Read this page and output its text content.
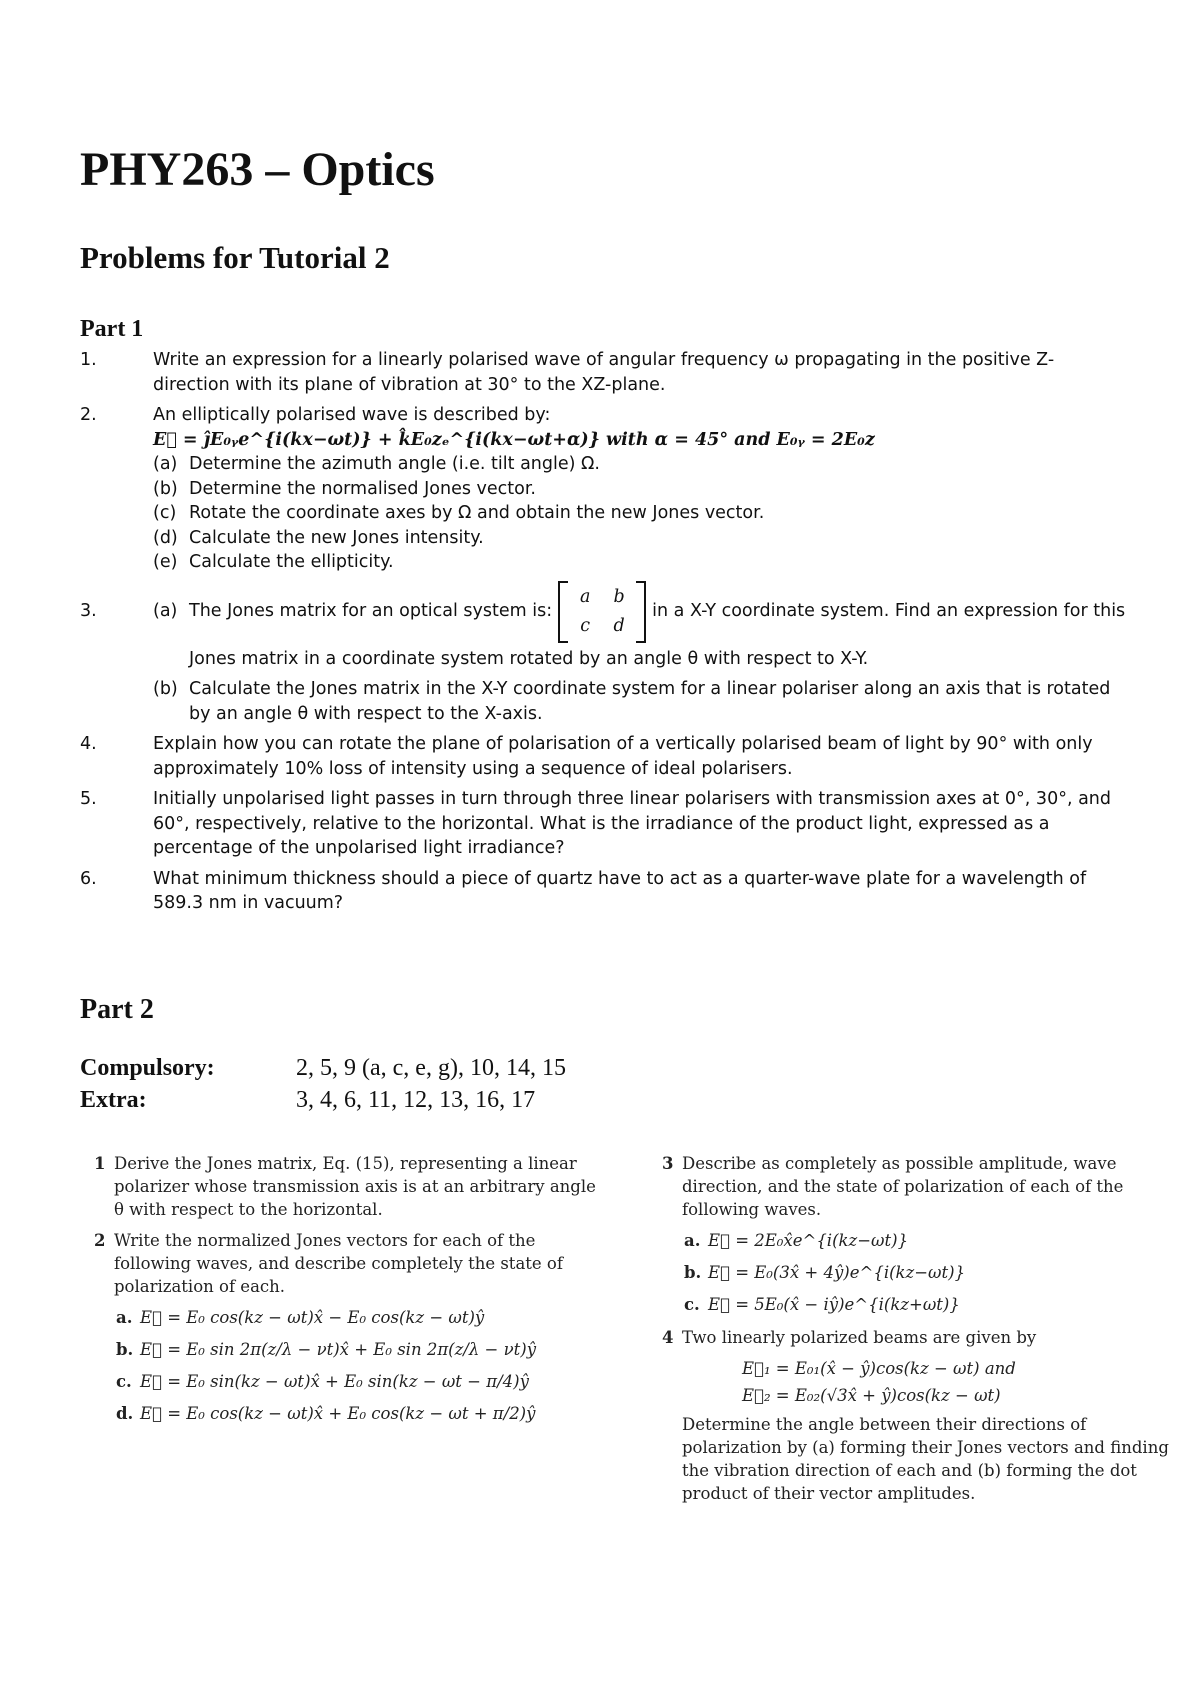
PHY263 – Optics
Problems for Tutorial 2
Part 1
1.	Write an expression for a linearly polarised wave of angular frequency ω propagating in the positive Z-direction with its plane of vibration at 30° to the XZ-plane.
2.	An elliptically polarised wave is described by:
E⃗ = ĵE₀ᵧe^{i(kx−ωt)} + k̂E₀zₑ^{i(kx−ωt+α)} with α = 45° and E₀ᵧ = 2E₀z
(a) Determine the azimuth angle (i.e. tilt angle) Ω.
(b) Determine the normalised Jones vector.
(c) Rotate the coordinate axes by Ω and obtain the new Jones vector.
(d) Calculate the new Jones intensity.
(e) Calculate the ellipticity.
3.	(a) The Jones matrix for an optical system is:
a	b
c	d
in a X-Y coordinate system. Find an expression for this
Jones matrix in a coordinate system rotated by an angle θ with respect to X-Y.
(b) Calculate the Jones matrix in the X-Y coordinate system for a linear polariser along an axis that is rotated by an angle θ with respect to the X-axis.
4.	Explain how you can rotate the plane of polarisation of a vertically polarised beam of light by 90° with only approximately 10% loss of intensity using a sequence of ideal polarisers.
5.	Initially unpolarised light passes in turn through three linear polarisers with transmission axes at 0°, 30°, and 60°, respectively, relative to the horizontal. What is the irradiance of the product light, expressed as a percentage of the unpolarised light irradiance?
6.	What minimum thickness should a piece of quartz have to act as a quarter-wave plate for a wavelength of 589.3 nm in vacuum?
Part 2
Compulsory:	2, 5, 9 (a, c, e, g), 10, 14, 15
Extra:	3, 4, 6, 11, 12, 13, 16, 17
1 Derive the Jones matrix, Eq. (15), representing a linear polarizer whose transmission axis is at an arbitrary angle θ with respect to the horizontal.
2 Write the normalized Jones vectors for each of the following waves, and describe completely the state of polarization of each.
a. E⃗ = E₀ cos(kz − ωt)x̂ − E₀ cos(kz − ωt)ŷ
b. E⃗ = E₀ sin 2π(z/λ − νt)x̂ + E₀ sin 2π(z/λ − νt)ŷ
c. E⃗ = E₀ sin(kz − ωt)x̂ + E₀ sin(kz − ωt − π/4)ŷ
d. E⃗ = E₀ cos(kz − ωt)x̂ + E₀ cos(kz − ωt + π/2)ŷ
3 Describe as completely as possible amplitude, wave direction, and the state of polarization of each of the following waves.
a. E⃗ = 2E₀x̂e^{i(kz−ωt)}
b. E⃗ = E₀(3x̂ + 4ŷ)e^{i(kz−ωt)}
c. E⃗ = 5E₀(x̂ − iŷ)e^{i(kz+ωt)}
4 Two linearly polarized beams are given by
E⃗₁ = E₀₁(x̂ − ŷ)cos(kz − ωt) and
E⃗₂ = E₀₂(√3x̂ + ŷ)cos(kz − ωt)
Determine the angle between their directions of polarization by (a) forming their Jones vectors and finding the vibration direction of each and (b) forming the dot product of their vector amplitudes.
